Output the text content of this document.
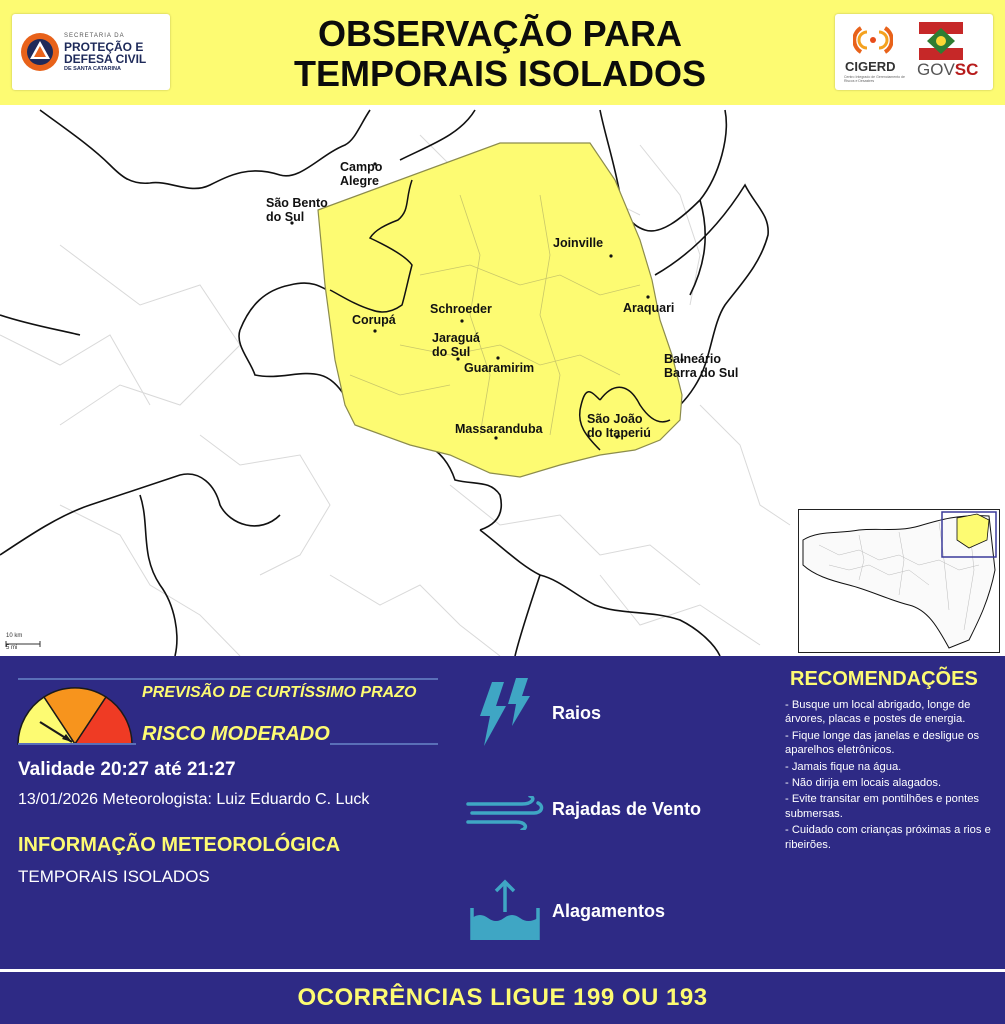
SECRETARIA DA
PROTEÇÃO E DEFESA CIVIL
DE SANTA CATARINA
OBSERVAÇÃO PARA
TEMPORAIS ISOLADOS	CIGERD
Centro Integrado de Gerenciamento de Riscos e Desastres
GOVSC
Campo
Alegre
São Bento
do Sul
Joinville
Schroeder
Corupá
Araquari
Jaraguá
do Sul
Guaramirim
Balneário
Barra do Sul
São João
do Itaperiú
Massaranduba
10 km
5 mi
PREVISÃO DE CURTÍSSIMO PRAZO
RISCO MODERADO
Validade 20:27 até 21:27
13/01/2026 Meteorologista: Luiz Eduardo C. Luck
INFORMAÇÃO METEOROLÓGICA
TEMPORAIS ISOLADOS
Raios
Rajadas de Vento
Alagamentos
RECOMENDAÇÕES
- Busque um local abrigado, longe de árvores, placas e postes de energia.
- Fique longe das janelas e desligue os aparelhos eletrônicos.
- Jamais fique na água.
- Não dirija em locais alagados.
- Evite transitar em pontilhões e pontes submersas.
- Cuidado com crianças próximas a rios e ribeirões.
OCORRÊNCIAS LIGUE 199 OU 193
